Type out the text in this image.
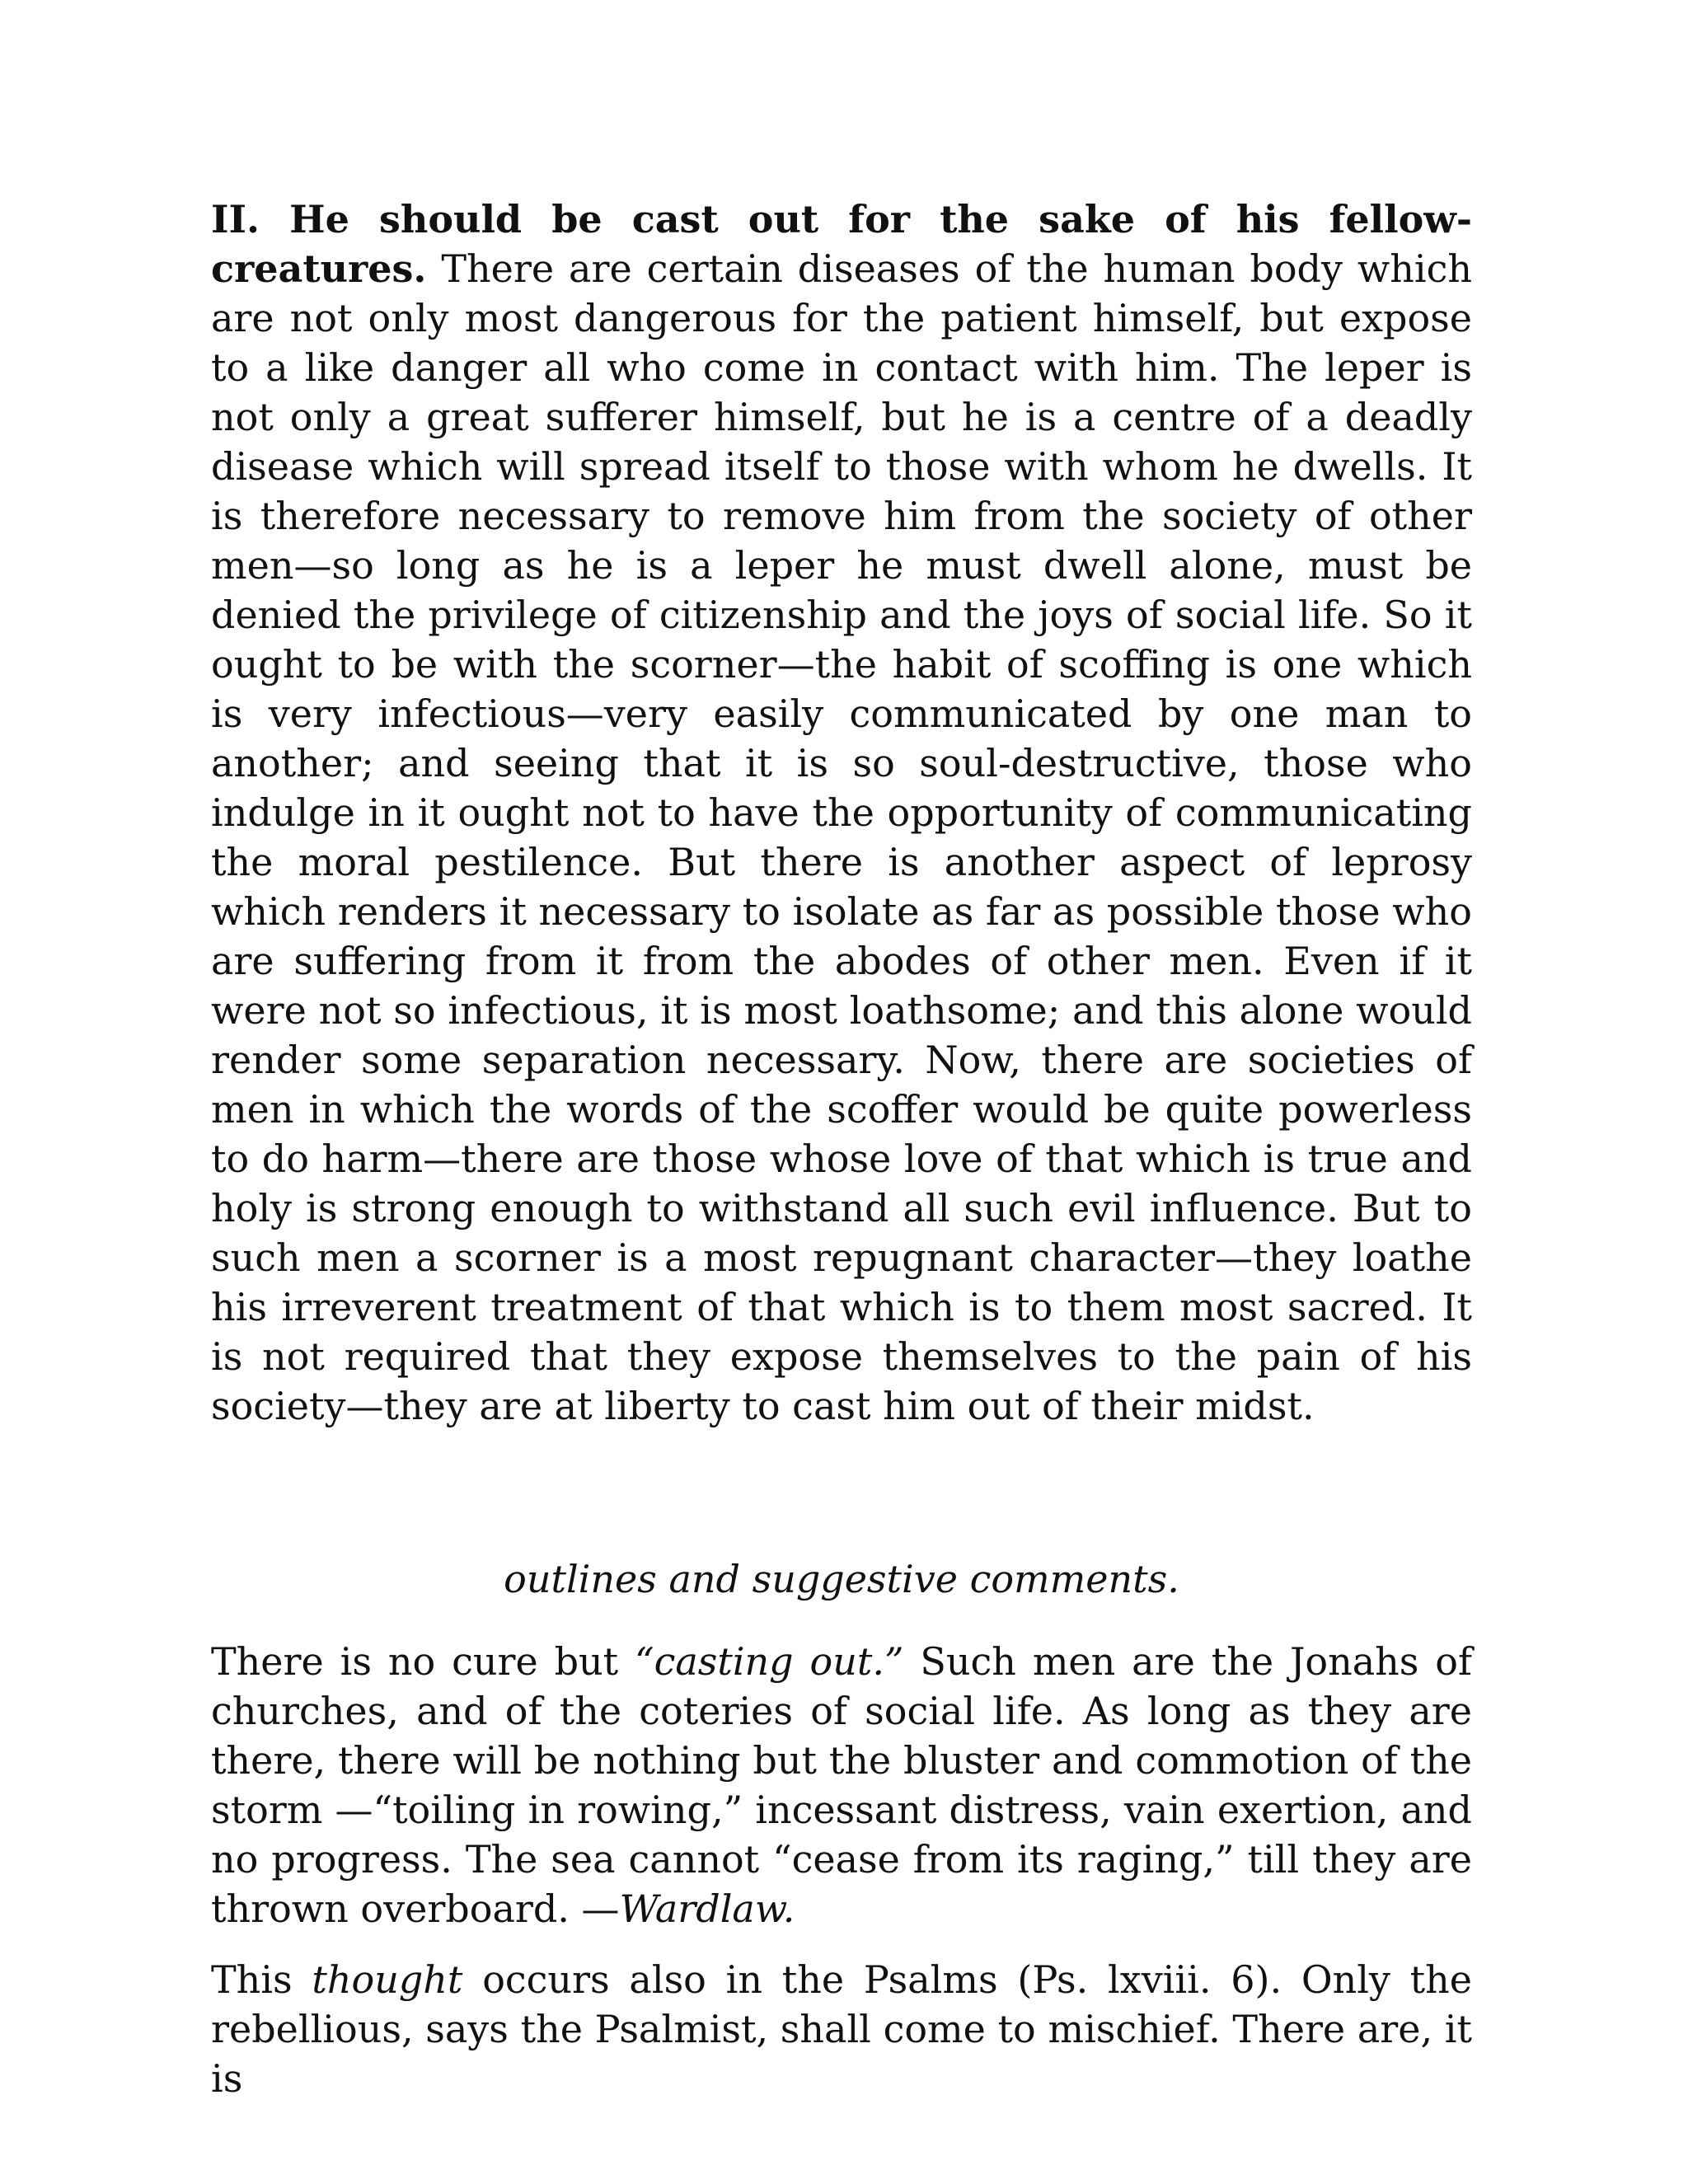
II. He should be cast out for the sake of his fellow-creatures. There are certain diseases of the human body which are not only most dangerous for the patient himself, but expose to a like danger all who come in contact with him. The leper is not only a great sufferer himself, but he is a centre of a deadly disease which will spread itself to those with whom he dwells. It is therefore necessary to remove him from the society of other men—so long as he is a leper he must dwell alone, must be denied the privilege of citizenship and the joys of social life. So it ought to be with the scorner—the habit of scoffing is one which is very infectious—very easily communicated by one man to another; and seeing that it is so soul-destructive, those who indulge in it ought not to have the opportunity of communicating the moral pestilence. But there is another aspect of leprosy which renders it necessary to isolate as far as possible those who are suffering from it from the abodes of other men. Even if it were not so infectious, it is most loathsome; and this alone would render some separation necessary. Now, there are societies of men in which the words of the scoffer would be quite powerless to do harm—there are those whose love of that which is true and holy is strong enough to withstand all such evil influence. But to such men a scorner is a most repugnant character—they loathe his irreverent treatment of that which is to them most sacred. It is not required that they expose themselves to the pain of his society—they are at liberty to cast him out of their midst.

outlines and suggestive comments.

There is no cure but “casting out.” Such men are the Jonahs of churches, and of the coteries of social life. As long as they are there, there will be nothing but the bluster and commotion of the storm —“toiling in rowing,” incessant distress, vain exertion, and no progress. The sea cannot “cease from its raging,” till they are thrown overboard. —Wardlaw.

This thought occurs also in the Psalms (Ps. lxviii. 6). Only the rebellious, says the Psalmist, shall come to mischief. There are, it is
